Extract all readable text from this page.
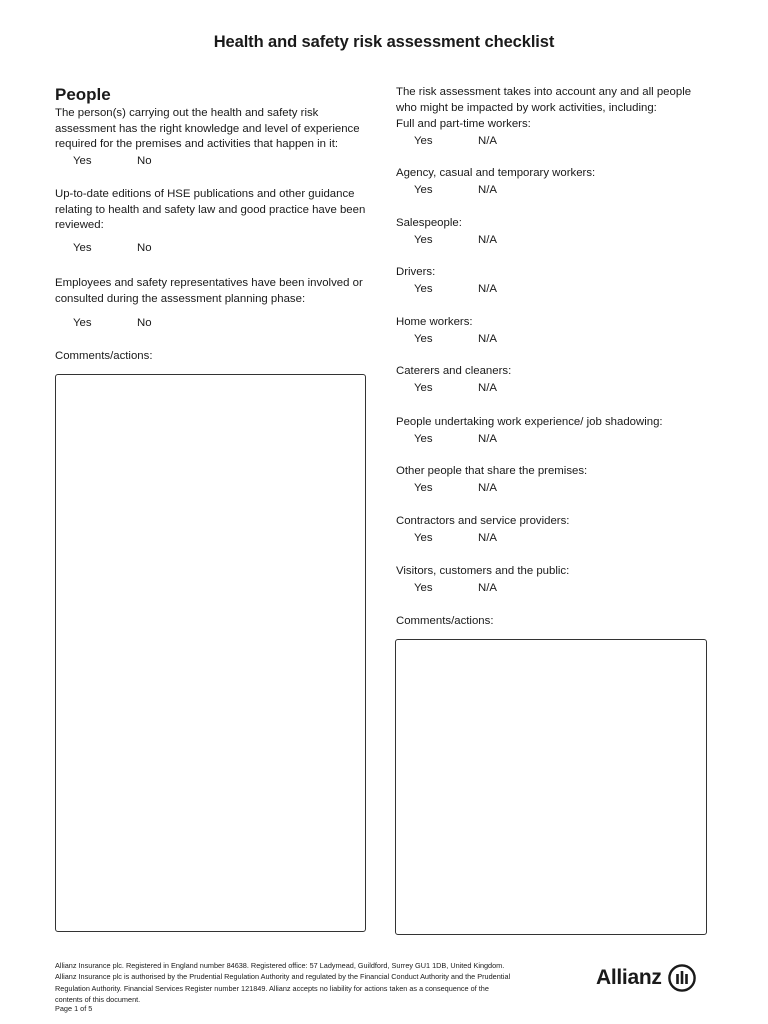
Health and safety risk assessment checklist
People

The person(s) carrying out the health and safety risk assessment has the right knowledge and level of experience required for the premises and activities that happen in it:

Yes	No

Up-to-date editions of HSE publications and other guidance relating to health and safety law and good practice have been reviewed:

Yes	No

Employees and safety representatives have been involved or consulted during the assessment planning phase:

Yes	No
Comments/actions:

The risk assessment takes into account any and all people who might be impacted by work activities, including:

Full and part-time workers:

Yes	N/A

Agency, casual and temporary workers:

Yes	N/A

Salespeople:

Yes	N/A

Drivers:

Yes	N/A

Home workers:

Yes	N/A

Caterers and cleaners:

Yes	N/A

People undertaking work experience/ job shadowing:

Yes	N/A

Other people that share the premises:

Yes	N/A

Contractors and service providers:

Yes	N/A

Visitors, customers and the public:

Yes	N/A
Comments/actions:
Allianz Insurance plc. Registered in England number 84638. Registered office: 57 Ladymead, Guildford, Surrey GU1 1DB, United Kingdom. Allianz Insurance plc is authorised by the Prudential Regulation Authority and regulated by the Financial Conduct Authority and the Prudential Regulation Authority. Financial Services Register number 121849. Allianz accepts no liability for actions taken as a consequence of the contents of this document.
Page 1 of 5
Allianz
